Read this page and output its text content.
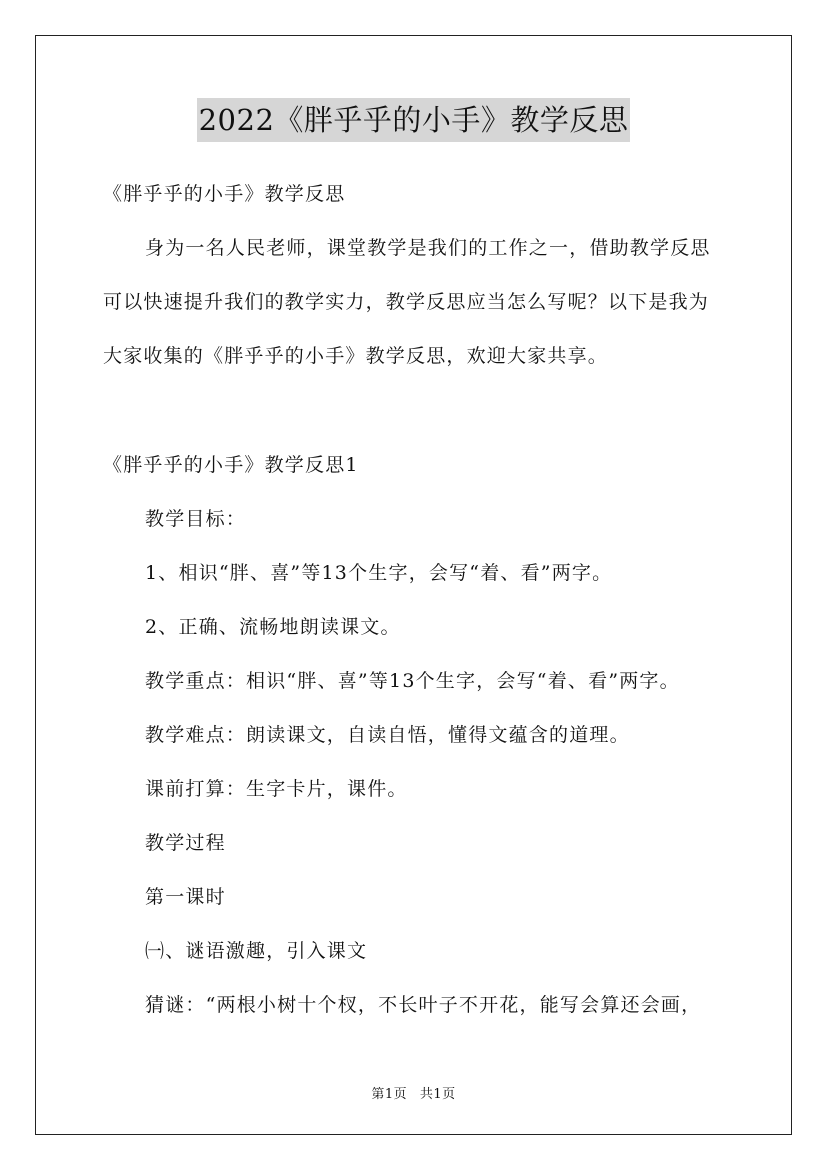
2022《胖乎乎的小手》教学反思
《胖乎乎的小手》教学反思
身为一名人民老师，课堂教学是我们的工作之一，借助教学反思
可以快速提升我们的教学实力，教学反思应当怎么写呢？以下是我为
大家收集的《胖乎乎的小手》教学反思，欢迎大家共享。
《胖乎乎的小手》教学反思1
教学目标：
1、相识“胖、喜”等13个生字，会写“着、看”两字。
2、正确、流畅地朗读课文。
教学重点：相识“胖、喜”等13个生字，会写“着、看”两字。
教学难点：朗读课文，自读自悟，懂得文蕴含的道理。
课前打算：生字卡片，课件。
教学过程
第一课时
㈠、谜语激趣，引入课文
猜谜：“两根小树十个杈，不长叶子不开花，能写会算还会画，
第1页 共1页
